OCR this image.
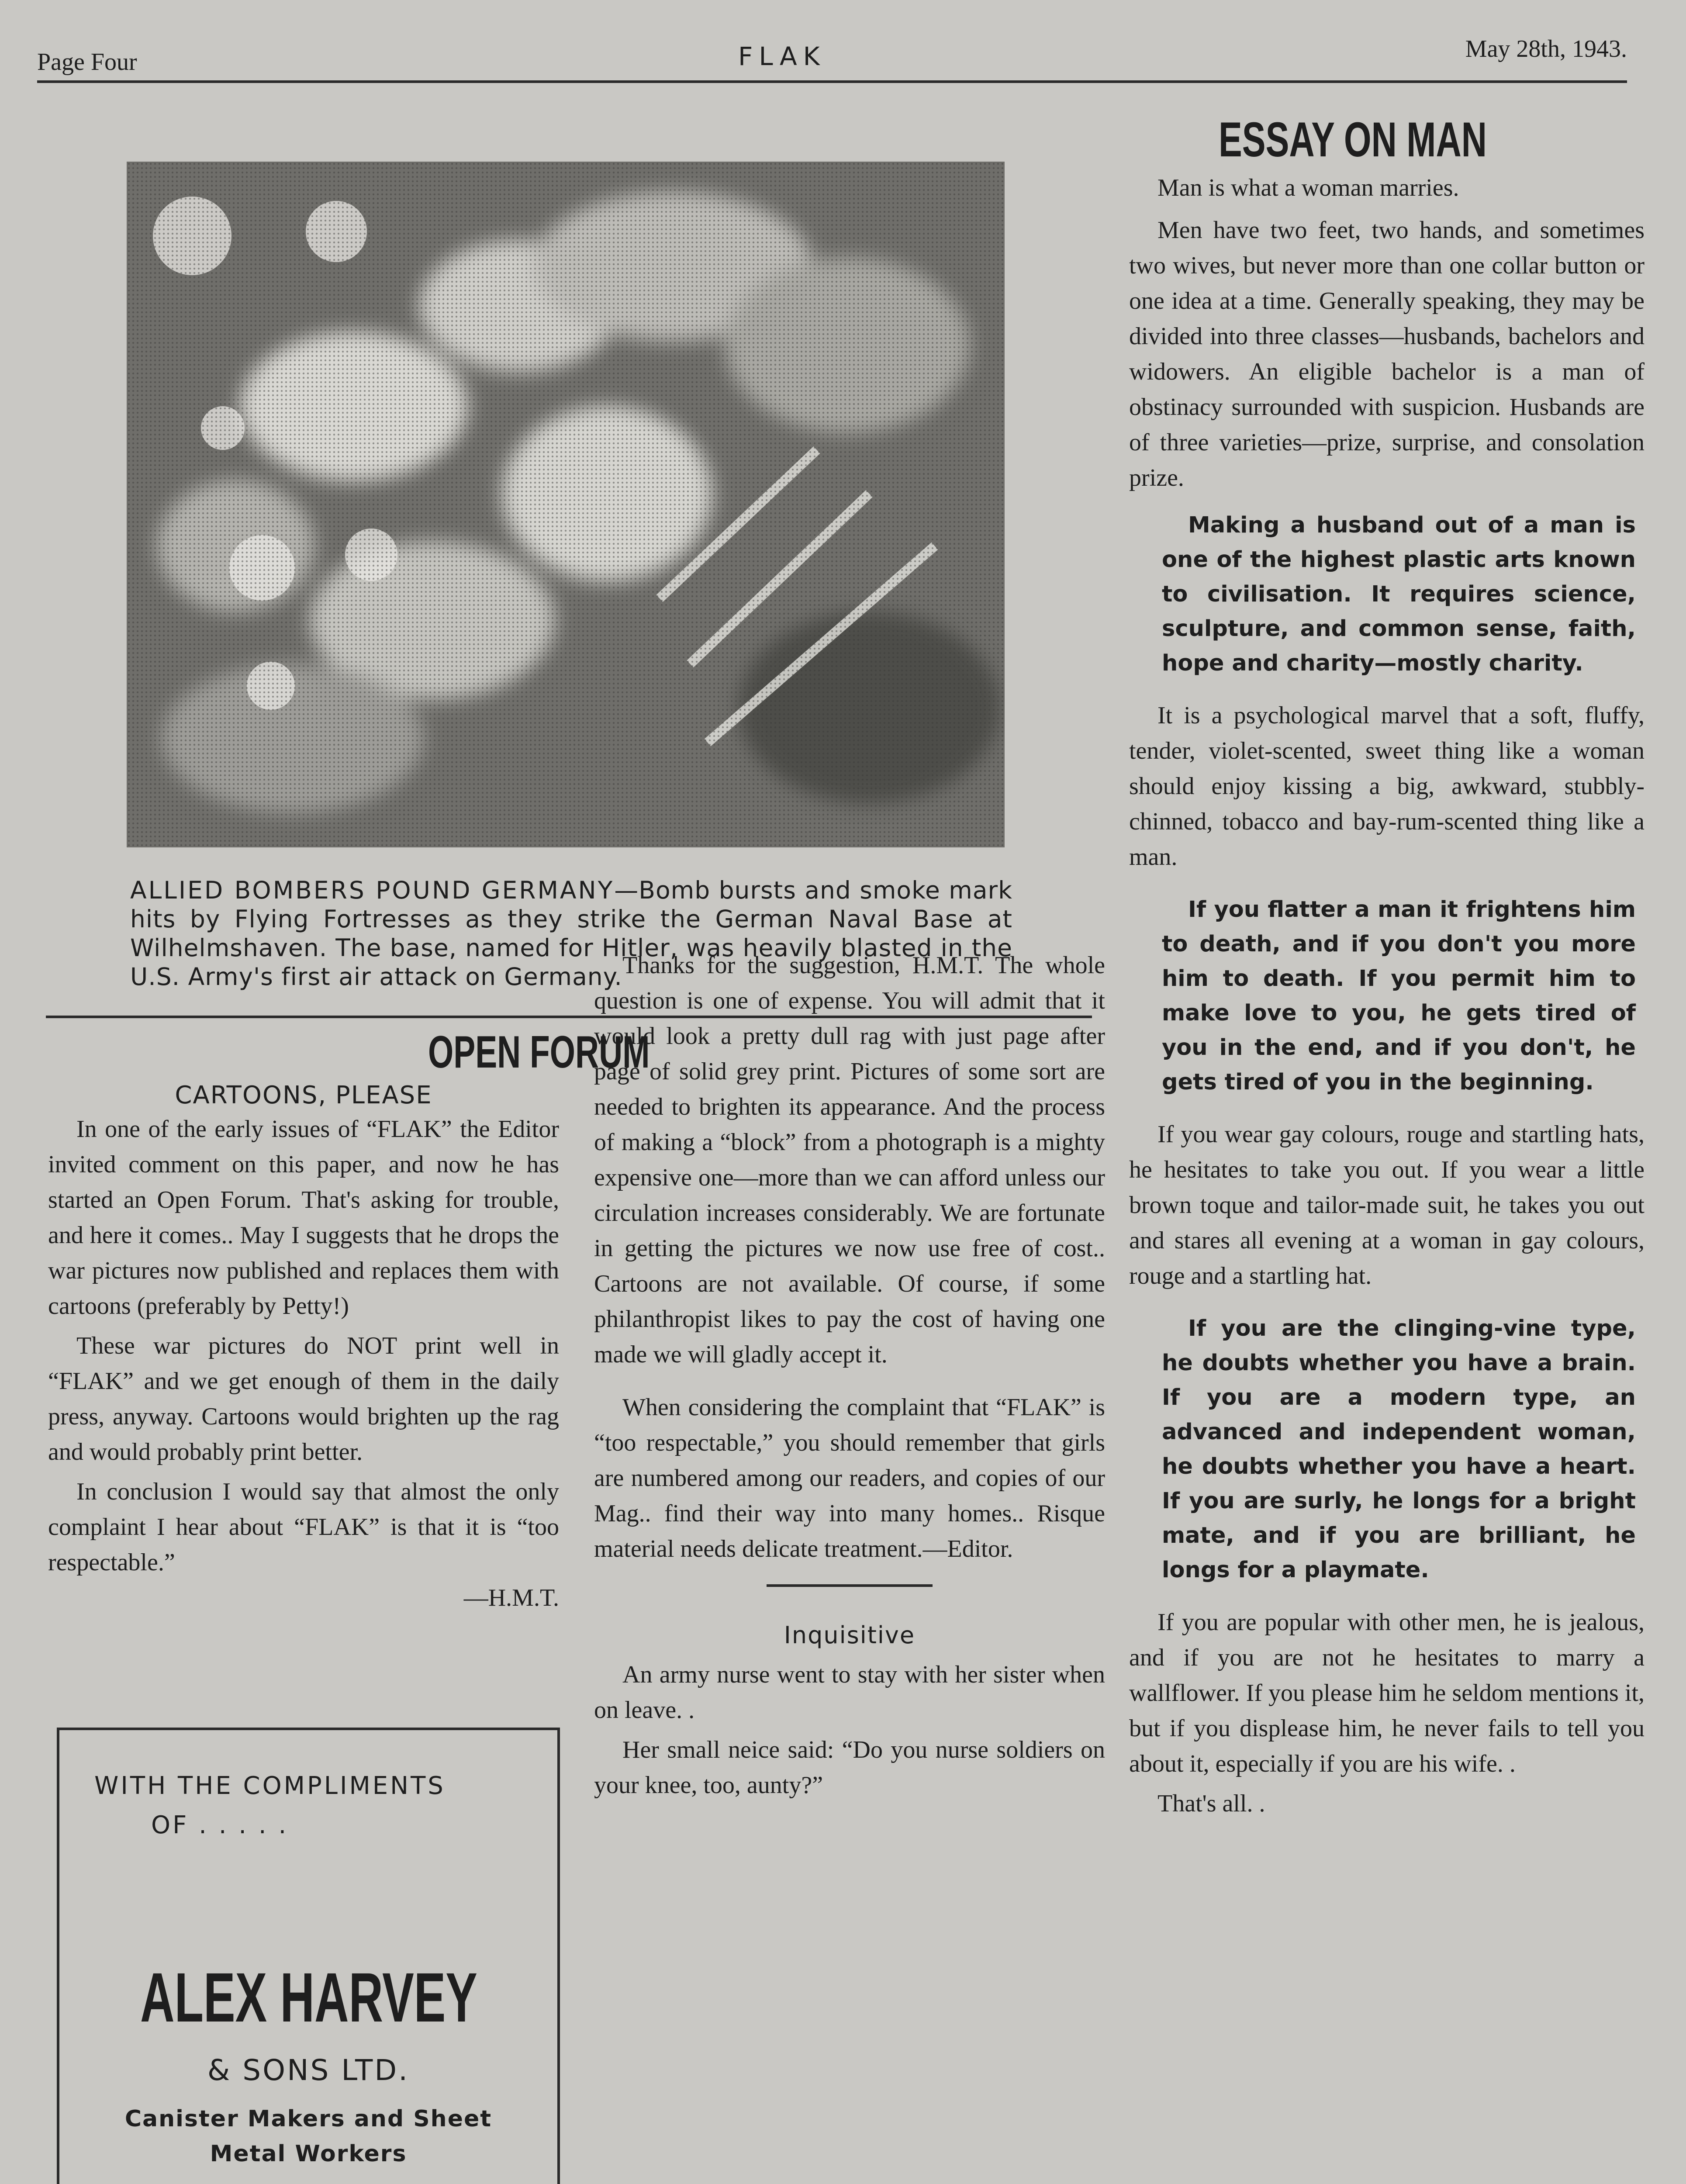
Page Four	FLAK	May 28th, 1943.
ALLIED BOMBERS POUND GERMANY—Bomb bursts and smoke mark hits by Flying Fortresses as they strike the German Naval Base at Wilhelmshaven. The base, named for Hitler, was heavily blasted in the U.S. Army's first air attack on Germany.
OPEN FORUM
CARTOONS, PLEASE

In one of the early issues of “FLAK” the Editor invited comment on this paper, and now he has started an Open Forum. That's asking for trouble, and here it comes.. May I suggests that he drops the war pictures now published and replaces them with cartoons (preferably by Petty!)

These war pictures do NOT print well in “FLAK” and we get enough of them in the daily press, anyway. Cartoons would brighten up the rag and would probably print better.

In conclusion I would say that almost the only complaint I hear about “FLAK” is that it is “too respectable.”

—H.M.T.

Thanks for the suggestion, H.M.T. The whole question is one of expense. You will admit that it would look a pretty dull rag with just page after page of solid grey print. Pictures of some sort are needed to brighten its appearance. And the process of making a “block” from a photograph is a mighty expensive one—more than we can afford unless our circulation increases considerably. We are fortunate in getting the pictures we now use free of cost.. Cartoons are not available. Of course, if some philanthropist likes to pay the cost of having one made we will gladly accept it.

When considering the complaint that “FLAK” is “too respectable,” you should remember that girls are numbered among our readers, and copies of our Mag.. find their way into many homes.. Risque material needs delicate treatment.—Editor.

Inquisitive

An army nurse went to stay with her sister when on leave. .

Her small neice said: “Do you nurse soldiers on your knee, too, aunty?”

WITH THE COMPLIMENTS
OF . . . . .
ALEX HARVEY
& SONS LTD.
Canister Makers and Sheet
Metal Workers
ESSAY ON MAN

Man is what a woman marries.

Men have two feet, two hands, and sometimes two wives, but never more than one collar button or one idea at a time. Generally speaking, they may be divided into three classes—husbands, bachelors and widowers. An eligible bachelor is a man of obstinacy surrounded with suspicion. Husbands are of three varieties—prize, surprise, and consolation prize.

Making a husband out of a man is one of the highest plastic arts known to civilisation. It requires science, sculpture, and common sense, faith, hope and charity—mostly charity.

It is a psychological marvel that a soft, fluffy, tender, violet-scented, sweet thing like a woman should enjoy kissing a big, awkward, stubbly-chinned, tobacco and bay-rum-scented thing like a man.

If you flatter a man it frightens him to death, and if you don't you more him to death. If you permit him to make love to you, he gets tired of you in the end, and if you don't, he gets tired of you in the beginning.

If you wear gay colours, rouge and startling hats, he hesitates to take you out. If you wear a little brown toque and tailor-made suit, he takes you out and stares all evening at a woman in gay colours, rouge and a startling hat.

If you are the clinging-vine type, he doubts whether you have a brain. If you are a modern type, an advanced and independent woman, he doubts whether you have a heart. If you are surly, he longs for a bright mate, and if you are brilliant, he longs for a playmate.

If you are popular with other men, he is jealous, and if you are not he hesitates to marry a wallflower. If you please him he seldom mentions it, but if you displease him, he never fails to tell you about it, especially if you are his wife. .

That's all. .
